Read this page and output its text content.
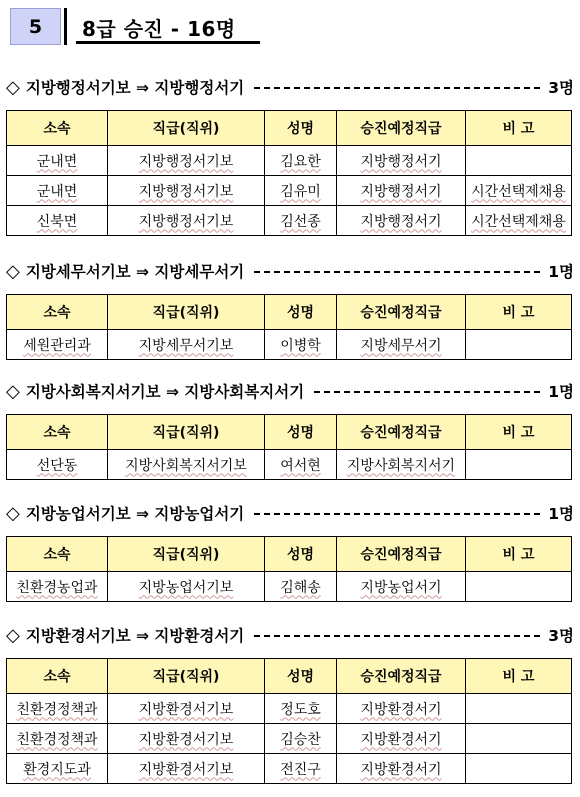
5 8급 승진 - 16명
◇ 지방행정서기보 ⇒ 지방행정서기	3명
소속	직급(직위)	성명	승진예정직급	비 고
군내면	지방행정서기보	김요한	지방행정서기	
군내면	지방행정서기보	김유미	지방행정서기	시간선택제채용
신북면	지방행정서기보	김선종	지방행정서기	시간선택제채용
◇ 지방세무서기보 ⇒ 지방세무서기	1명
소속	직급(직위)	성명	승진예정직급	비 고
세원관리과	지방세무서기보	이병학	지방세무서기	
◇ 지방사회복지서기보 ⇒ 지방사회복지서기	1명
소속	직급(직위)	성명	승진예정직급	비 고
선단동	지방사회복지서기보	여서현	지방사회복지서기	
◇ 지방농업서기보 ⇒ 지방농업서기	1명
소속	직급(직위)	성명	승진예정직급	비 고
친환경농업과	지방농업서기보	김해송	지방농업서기	
◇ 지방환경서기보 ⇒ 지방환경서기	3명
소속	직급(직위)	성명	승진예정직급	비 고
친환경정책과	지방환경서기보	정도호	지방환경서기	
친환경정책과	지방환경서기보	김승찬	지방환경서기	
환경지도과	지방환경서기보	전진구	지방환경서기	
